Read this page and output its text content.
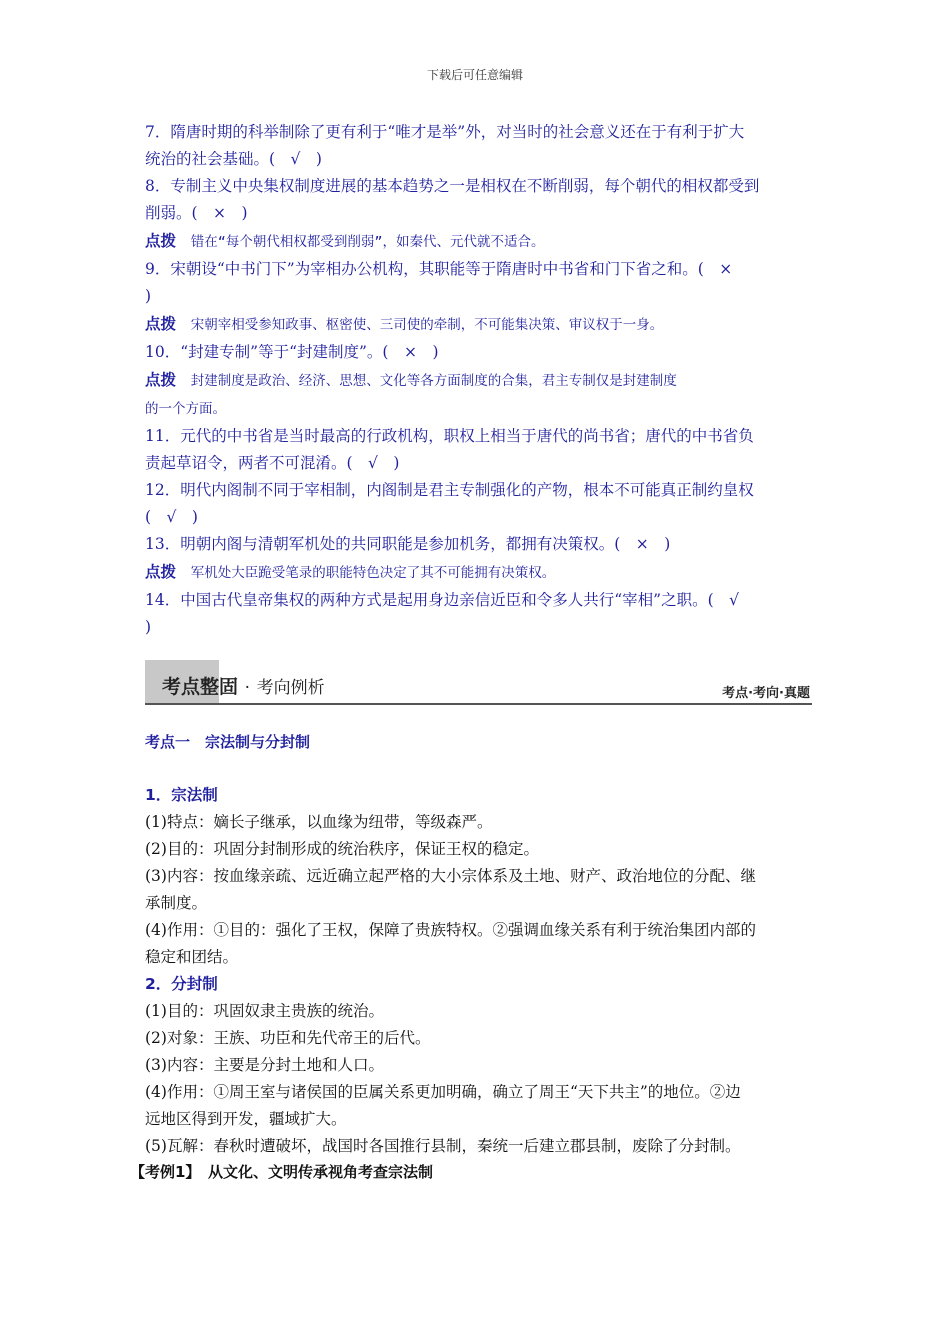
下载后可任意编辑
7．隋唐时期的科举制除了更有利于“唯才是举”外，对当时的社会意义还在于有利于扩大
统治的社会基础。(　√　)
8．专制主义中央集权制度进展的基本趋势之一是相权在不断削弱，每个朝代的相权都受到
削弱。(　×　)
点拨 错在“每个朝代相权都受到削弱”，如秦代、元代就不适合。
9．宋朝设“中书门下”为宰相办公机构，其职能等于隋唐时中书省和门下省之和。(　×
)
点拨 宋朝宰相受参知政事、枢密使、三司使的牵制，不可能集决策、审议权于一身。
10．“封建专制”等于“封建制度”。(　×　)
点拨 封建制度是政治、经济、思想、文化等各方面制度的合集，君主专制仅是封建制度
的一个方面。
11．元代的中书省是当时最高的行政机构，职权上相当于唐代的尚书省；唐代的中书省负
责起草诏令，两者不可混淆。(　√　)
12．明代内阁制不同于宰相制，内阁制是君主专制强化的产物，根本不可能真正制约皇权
(　√　)
13．明朝内阁与清朝军机处的共同职能是参加机务，都拥有决策权。(　×　)
点拨 军机处大臣跪受笔录的职能特色决定了其不可能拥有决策权。
14．中国古代皇帝集权的两种方式是起用身边亲信近臣和令多人共行“宰相”之职。(　√
)
考点整固 · 考向例析	考点·考向·真题
考点一　宗法制与分封制
1．宗法制
(1)特点：嫡长子继承，以血缘为纽带，等级森严。
(2)目的：巩固分封制形成的统治秩序，保证王权的稳定。
(3)内容：按血缘亲疏、远近确立起严格的大小宗体系及土地、财产、政治地位的分配、继
承制度。
(4)作用：①目的：强化了王权，保障了贵族特权。②强调血缘关系有利于统治集团内部的
稳定和团结。
2．分封制
(1)目的：巩固奴隶主贵族的统治。
(2)对象：王族、功臣和先代帝王的后代。
(3)内容：主要是分封土地和人口。
(4)作用：①周王室与诸侯国的臣属关系更加明确，确立了周王“天下共主”的地位。②边
远地区得到开发，疆域扩大。
(5)瓦解：春秋时遭破坏，战国时各国推行县制，秦统一后建立郡县制，废除了分封制。
【考例1】　从文化、文明传承视角考查宗法制
